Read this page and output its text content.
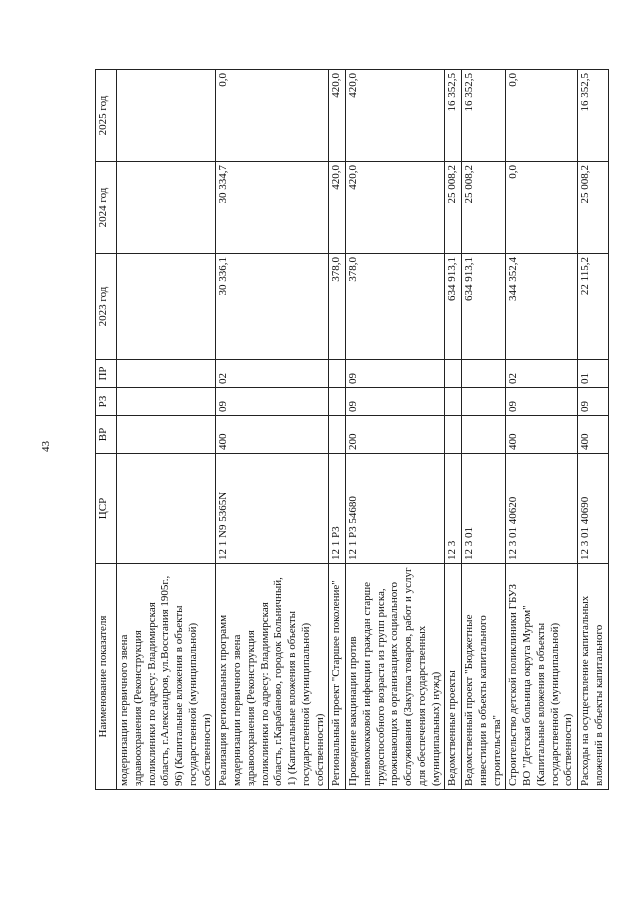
43
Наименование показателя	ЦСР	ВР	РЗ	ПР	2023 год	2024 год	2025 год
модернизации первичного звена здравоохранения (Реконструкция поликлиники по адресу: Владимирская область, г.Александров, ул.Восстания 1905г., 96) (Капитальные вложения в объекты государственной (муниципальной) собственности)							
Реализация региональных программ модернизации первичного звена здравоохранения (Реконструкция поликлиники по адресу: Владимирская область, г.Карабаново, городок Больничный, 1) (Капитальные вложения в объекты государственной (муниципальной) собственности)	12 1 N9 5365N	400	09	02	30 336,1	30 334,7	0,0
Региональный проект "Старшее поколение"	12 1 P3				378,0	420,0	420,0
Проведение вакцинации против пневмококковой инфекции граждан старше трудоспособного возраста из групп риска, проживающих в организациях социального обслуживания (Закупка товаров, работ и услуг для обеспечения государственных (муниципальных) нужд)	12 1 P3 54680	200	09	09	378,0	420,0	420,0
Ведомственные проекты	12 3				634 913,1	25 008,2	16 352,5
Ведомственный проект "Бюджетные инвестиции в объекты капитального строительства"	12 3 01				634 913,1	25 008,2	16 352,5
Строительство детской поликлиники ГБУЗ ВО "Детская больница округа Муром" (Капитальные вложения в объекты государственной (муниципальной) собственности)	12 3 01 40620	400	09	02	344 352,4	0,0	0,0
Расходы на осуществление капитальных вложений в объекты капитального	12 3 01 40690	400	09	01	22 115,2	25 008,2	16 352,5
